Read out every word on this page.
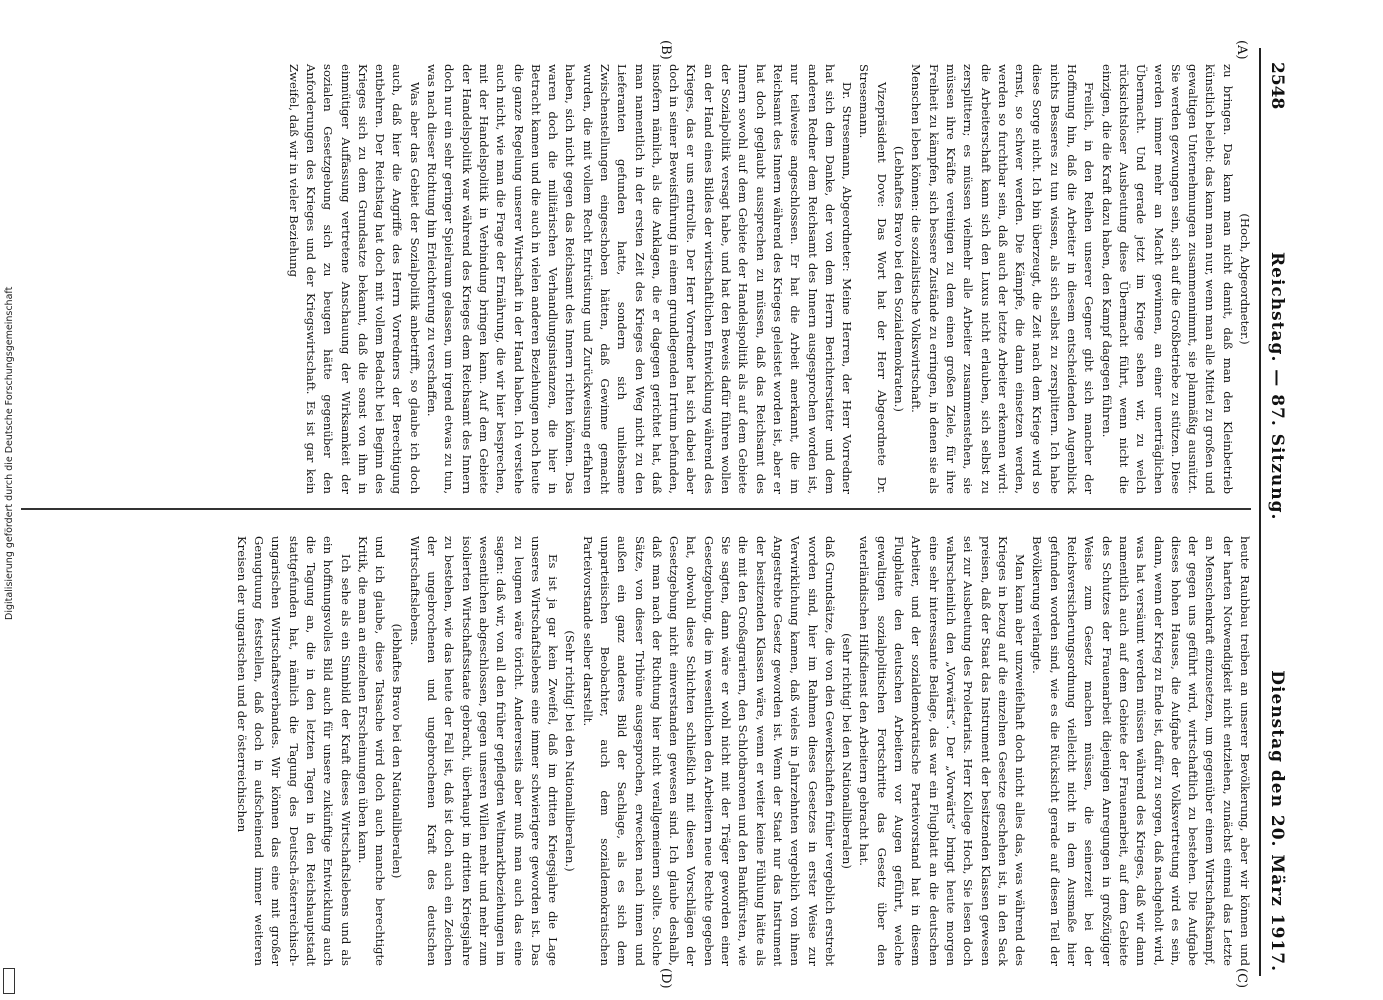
2548
Reichstag. — 87. Sitzung.
Dienstag den 20. März 1917.
(A)
(B)
(C)
(D)

(Hoch, Abgeordneter.)

zu bringen. Das kann man nicht damit, daß man den Kleinbetrieb künstlich belebt: das kann man nur, wenn man alle Mittel zu großen und gewaltigen Unternehmungen zusammennimmt, sie planmäßig ausnützt. Sie werden gezwungen sein, sich auf die Großbetriebe zu stützen. Diese werden immer mehr an Macht gewinnen, an einer unerträglichen Übermacht. Und gerade jetzt im Kriege sehen wir, zu welch rücksichtsloser Ausbeutung diese Übermacht führt, wenn nicht die einzigen, die die Kraft dazu haben, den Kampf dagegen führen.

Freilich, in den Reihen unserer Gegner gibt sich mancher der Hoffnung hin, daß die Arbeiter in diesem entscheidenden Augenblick nichts Besseres zu tun wissen, als sich selbst zu zersplittern. Ich habe diese Sorge nicht. Ich bin überzeugt, die Zeit nach dem Kriege wird so ernst, so schwer werden. Die Kämpfe, die dann einsetzen werden, werden so furchtbar sein, daß auch der letzte Arbeiter erkennen wird: die Arbeiterschaft kann sich den Luxus nicht erlauben, sich selbst zu zersplittern; es müssen vielmehr alle Arbeiter zusammenstehen, sie müssen ihre Kräfte vereinigen zu dem einen großen Ziele, für ihre Freiheit zu kämpfen, sich bessere Zustände zu erringen, in denen sie als Menschen leben können: die sozialistische Volkswirtschaft.

(Lebhaftes Bravo bei den Sozialdemokraten.)

Vizepräsident Dove: Das Wort hat der Herr Abgeordnete Dr. Stresemann.

Dr. Stresemann, Abgeordneter: Meine Herren, der Herr Vorredner hat sich dem Danke, der von dem Herrn Berichterstatter und dem anderen Redner dem Reichsamt des Innern ausgesprochen worden ist, nur teilweise angeschlossen. Er hat die Arbeit anerkannt, die im Reichsamt des Innern während des Krieges geleistet worden ist, aber er hat doch geglaubt aussprechen zu müssen, daß das Reichsamt des Innern sowohl auf dem Gebiete der Handelspolitik als auf dem Gebiete der Sozialpolitik versagt habe, und hat den Beweis dafür führen wollen an der Hand eines Bildes der wirtschaftlichen Entwicklung während des Krieges, das er uns entrollte. Der Herr Vorredner hat sich dabei aber doch in seiner Beweisführung in einem grundlegenden Irrtum befunden, insofern nämlich, als die Anklagen, die er dagegen gerichtet hat, daß man namentlich in der ersten Zeit des Krieges den Weg nicht zu den Lieferanten gefunden hatte, sondern sich unliebsame Zwischenstellungen eingeschoben hätten, daß Gewinne gemacht wurden, die mit vollem Recht Entrüstung und Zurückweisung erfahren haben, sich nicht gegen das Reichsamt des Innern richten können. Das waren doch die militärischen Verhandlungsinstanzen, die hier in Betracht kamen und die auch in vielen anderen Beziehungen noch heute die ganze Regelung unserer Wirtschaft in der Hand haben. Ich verstehe auch nicht, wie man die Frage der Ernährung, die wir hier besprechen, mit der Handelspolitik in Verbindung bringen kann. Auf dem Gebiete der Handelspolitik war während des Krieges dem Reichsamt des Innern doch nur ein sehr geringer Spielraum gelassen, um irgend etwas zu tun, was nach dieser Richtung hin Erleichterung zu verschaffen.

Was aber das Gebiet der Sozialpolitik anbetrifft, so glaube ich doch auch, daß hier die Angriffe des Herrn Vorredners der Berechtigung entbehren. Der Reichstag hat doch mit vollem Bedacht bei Beginn des Krieges sich zu dem Grundsatze bekannt, daß die sonst von ihm in einmütiger Auffassung vertretene Anschauung der Wirksamkeit der sozialen Gesetzgebung sich zu beugen hätte gegenüber den Anforderungen des Krieges und der Kriegswirtschaft. Es ist gar kein Zweifel, daß wir in vieler Beziehung

heute Raubbau treiben an unserer Bevölkerung, aber wir können und der harten Notwendigkeit nicht entziehen, zunächst einmal das Letzte an Menschenkraft einzusetzen, um gegenüber einem Wirtschaftskampf, der gegen uns geführt wird, wirtschaftlich zu bestehen. Die Aufgabe dieses hohen Hauses, die Aufgabe der Volksvertretung wird es sein, dann, wenn der Krieg zu Ende ist, dafür zu sorgen, daß nachgeholt wird, was hat versäumt werden müssen während des Krieges, daß wir dann namentlich auch auf dem Gebiete der Frauenarbeit, auf dem Gebiete des Schutzes der Frauenarbeit diejenigen Anregungen in großzügiger Weise zum Gesetz machen müssen, die seinerzeit bei der Reichsversicherungsordnung vielleicht nicht in dem Ausmaße hier gefunden worden sind, wie es die Rücksicht gerade auf diesen Teil der Bevölkerung verlangte.

Man kann aber unzweifelhaft doch nicht alles das, was während des Krieges in bezug auf die einzelnen Gesetze geschehen ist, in den Sack preisen, daß der Staat das Instrument der besitzenden Klassen gewesen sei zur Ausbeutung des Proletariats. Herr Kollege Hoch, Sie lesen doch wahrscheinlich den „Vorwärts“. Der „Vorwärts“ bringt heute morgen eine sehr interessante Beilage, das war ein Flugblatt an die deutschen Arbeiter, und der sozialdemokratische Parteivorstand hat in diesem Flugblatte den deutschen Arbeitern vor Augen geführt, welche gewaltigen sozialpolitischen Fortschritte das Gesetz über den vaterländischen Hilfsdienst den Arbeitern gebracht hat.

(sehr richtig! bei den Nationalliberalen)

daß Grundsätze, die von den Gewerkschaften früher vergeblich erstrebt worden sind, hier im Rahmen dieses Gesetzes in erster Weise zur Verwirklichung kamen, daß vieles in Jahrzehnten vergeblich von ihnen Angestrebte Gesetz geworden ist. Wenn der Staat nur das Instrument der besitzenden Klassen wäre, wenn er weiter keine Fühlung hätte als die mit den Großagrariern, den Schlotbaronen und den Bankfürsten, wie Sie sagten, dann wäre er wohl nicht mit der Träger geworden einer Gesetzgebung, die im wesentlichen den Arbeitern neue Rechte gegeben hat, obwohl diese Schichten schließlich mit diesen Vorschlägen der Gesetzgebung nicht einverstanden gewesen sind. Ich glaube deshalb, daß man nach der Richtung hier nicht verallgemeinern sollte. Solche Sätze, von dieser Tribüne ausgesprochen, erwecken nach innen und außen ein ganz anderes Bild der Sachlage, als es sich dem unparteiischen Beobachter, auch dem sozialdemokratischen Parteivorstande selber darstellt.

(Sehr richtig! bei den Nationalliberalen.)

Es ist ja gar kein Zweifel, daß im dritten Kriegsjahre die Lage unseres Wirtschaftslebens eine immer schwierigere geworden ist. Das zu leugnen wäre töricht. Andererseits aber muß man auch das eine sagen: daß wir, von all den früher gepflegten Weltmarktbeziehungen im wesentlichen abgeschlossen, gegen unseren Willen mehr und mehr zum isolierten Wirtschaftsstaate gebracht, überhaupt im dritten Kriegsjahre zu bestehen, wie das heute der Fall ist, daß ist doch auch ein Zeichen der ungebrochenen und ungebrochenen Kraft des deutschen Wirtschaftslebens.

(lebhaftes Bravo bei den Nationalliberalen)

und ich glaube, diese Tatsache wird doch auch manche berechtigte Kritik, die man an einzelnen Erscheinungen üben kann.

Ich sehe als ein Sinnbild der Kraft dieses Wirtschaftslebens und als ein hoffnungsvolles Bild auch für unsere zukünftige Entwicklung auch die Tagung an, die in den letzten Tagen in den Reichshauptstadt stattgefunden hat, nämlich die Tagung des Deutsch-österreichisch-ungarischen Wirtschaftsverbandes. Wir können das eine mit großer Genugtuung feststellen, daß doch in aufscheinend immer weiteren Kreisen der ungarischen und der österreichischen

Digitalisierung gefördert durch die Deutsche Forschungsgemeinschaft
